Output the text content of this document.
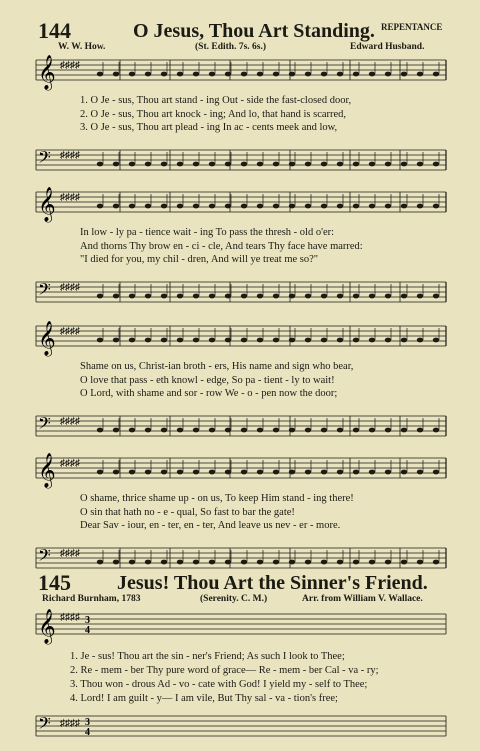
144	O Jesus, Thou Art Standing. REPENTANCE
W. W. How.	(St. Edith. 7s. 6s.)	Edward Husband.
𝄞 ♯♯♯♯
1. O Je - sus, Thou art stand - ing Out - side the fast-closed door,
2. O Je - sus, Thou art knock - ing; And lo, that hand is scarred,
3. O Je - sus, Thou art plead - ing In ac - cents meek and low,
𝄢 ♯♯♯♯
𝄞 ♯♯♯♯
In low - ly pa - tience wait - ing To pass the thresh - old o'er:
And thorns Thy brow en - ci - cle, And tears Thy face have marred:
"I died for you, my chil - dren, And will ye treat me so?"
𝄢 ♯♯♯♯
𝄞 ♯♯♯♯
Shame on us, Christ-ian broth - ers, His name and sign who bear,
O love that pass - eth knowl - edge, So pa - tient - ly to wait!
O Lord, with shame and sor - row We - o - pen now the door;
𝄢 ♯♯♯♯
𝄞 ♯♯♯♯
O shame, thrice shame up - on us, To keep Him stand - ing there!
O sin that hath no - e - qual, So fast to bar the gate!
Dear Sav - iour, en - ter, en - ter, And leave us nev - er - more.
𝄢 ♯♯♯♯
145 Jesus! Thou Art the Sinner's Friend.
Richard Burnham, 1783	(Serenity. C. M.)	Arr. from William V. Wallace.
𝄞 ♯♯♯♯ 3
4
1. Je - sus! Thou art the sin - ner's Friend; As such I look to Thee;
2. Re - mem - ber Thy pure word of grace— Re - mem - ber Cal - va - ry;
3. Thou won - drous Ad - vo - cate with God! I yield my - self to Thee;
4. Lord! I am guilt - y— I am vile, But Thy sal - va - tion's free;
𝄢 ♯♯♯♯ 3
4
